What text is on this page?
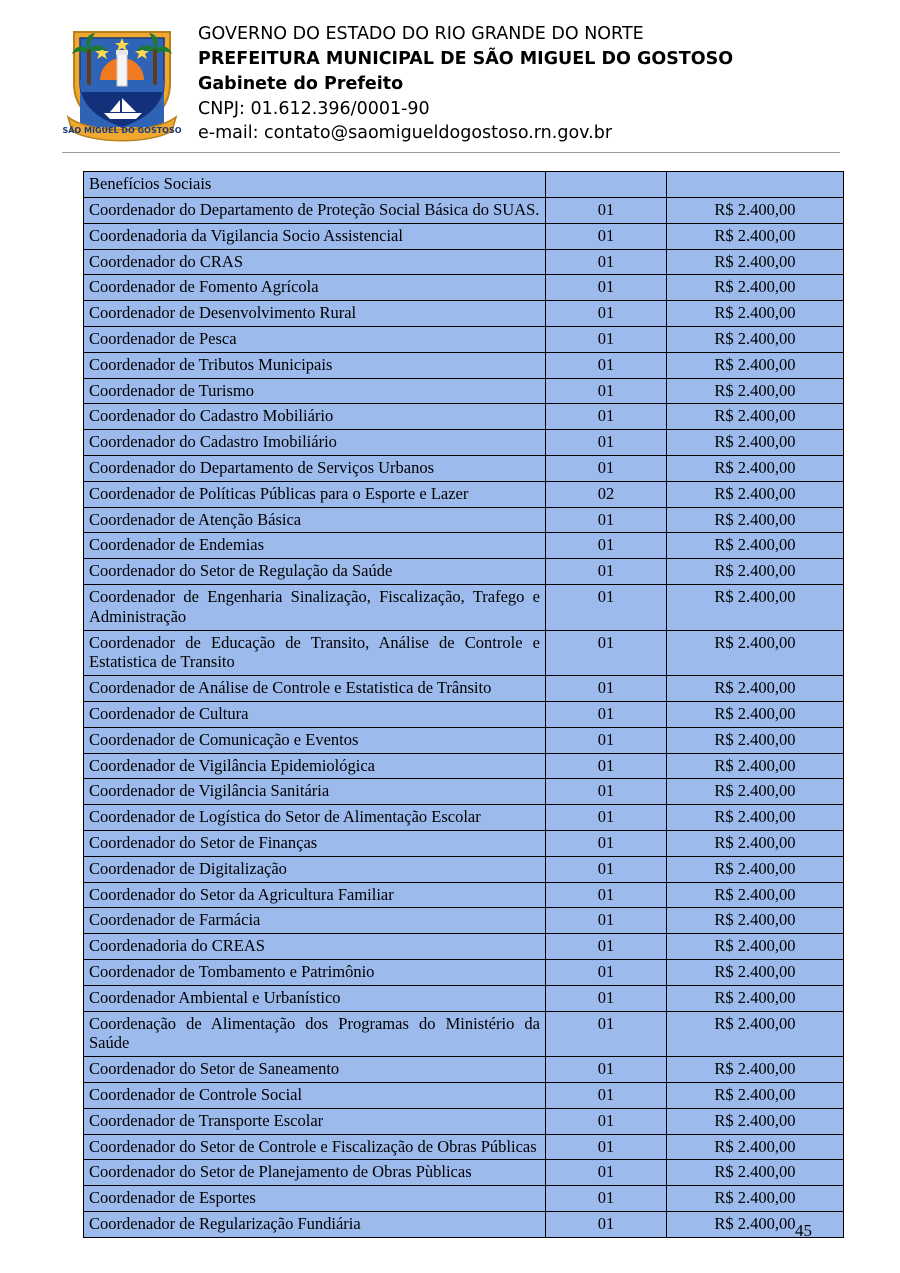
SÃO MIGUEL DO GOSTOSO
GOVERNO DO ESTADO DO RIO GRANDE DO NORTE
PREFEITURA MUNICIPAL DE SÃO MIGUEL DO GOSTOSO
Gabinete do Prefeito
CNPJ: 01.612.396/0001-90
e-mail: contato@saomigueldogostoso.rn.gov.br
Benefícios Sociais		
Coordenador do Departamento de Proteção Social Básica do SUAS.	01	R$ 2.400,00
Coordenadoria da Vigilancia Socio Assistencial	01	R$ 2.400,00
Coordenador do CRAS	01	R$ 2.400,00
Coordenador de Fomento Agrícola	01	R$ 2.400,00
Coordenador de Desenvolvimento Rural	01	R$ 2.400,00
Coordenador de Pesca	01	R$ 2.400,00
Coordenador de Tributos Municipais	01	R$ 2.400,00
Coordenador de Turismo	01	R$ 2.400,00
Coordenador do Cadastro Mobiliário	01	R$ 2.400,00
Coordenador do Cadastro Imobiliário	01	R$ 2.400,00
Coordenador do Departamento de Serviços Urbanos	01	R$ 2.400,00
Coordenador de Políticas Públicas para o Esporte e Lazer	02	R$ 2.400,00
Coordenador de Atenção Básica	01	R$ 2.400,00
Coordenador de Endemias	01	R$ 2.400,00
Coordenador do Setor de Regulação da Saúde	01	R$ 2.400,00
Coordenador de Engenharia Sinalização, Fiscalização, Trafego e Administração	01	R$ 2.400,00
Coordenador de Educação de Transito, Análise de Controle e Estatistica de Transito	01	R$ 2.400,00
Coordenador de Análise de Controle e Estatistica de Trânsito	01	R$ 2.400,00
Coordenador de Cultura	01	R$ 2.400,00
Coordenador de Comunicação e Eventos	01	R$ 2.400,00
Coordenador de Vigilância Epidemiológica	01	R$ 2.400,00
Coordenador de Vigilância Sanitária	01	R$ 2.400,00
Coordenador de Logística do Setor de Alimentação Escolar	01	R$ 2.400,00
Coordenador do Setor de Finanças	01	R$ 2.400,00
Coordenador de Digitalização	01	R$ 2.400,00
Coordenador do Setor da Agricultura Familiar	01	R$ 2.400,00
Coordenador de Farmácia	01	R$ 2.400,00
Coordenadoria do CREAS	01	R$ 2.400,00
Coordenador de Tombamento e Patrimônio	01	R$ 2.400,00
Coordenador Ambiental e Urbanístico	01	R$ 2.400,00
Coordenação de Alimentação dos Programas do Ministério da Saúde	01	R$ 2.400,00
Coordenador do Setor de Saneamento	01	R$ 2.400,00
Coordenador de Controle Social	01	R$ 2.400,00
Coordenador de Transporte Escolar	01	R$ 2.400,00
Coordenador do Setor de Controle e Fiscalização de Obras Públicas	01	R$ 2.400,00
Coordenador do Setor de Planejamento de Obras Pùblicas	01	R$ 2.400,00
Coordenador de Esportes	01	R$ 2.400,00
Coordenador de Regularização Fundiária	01	R$ 2.400,00 45
